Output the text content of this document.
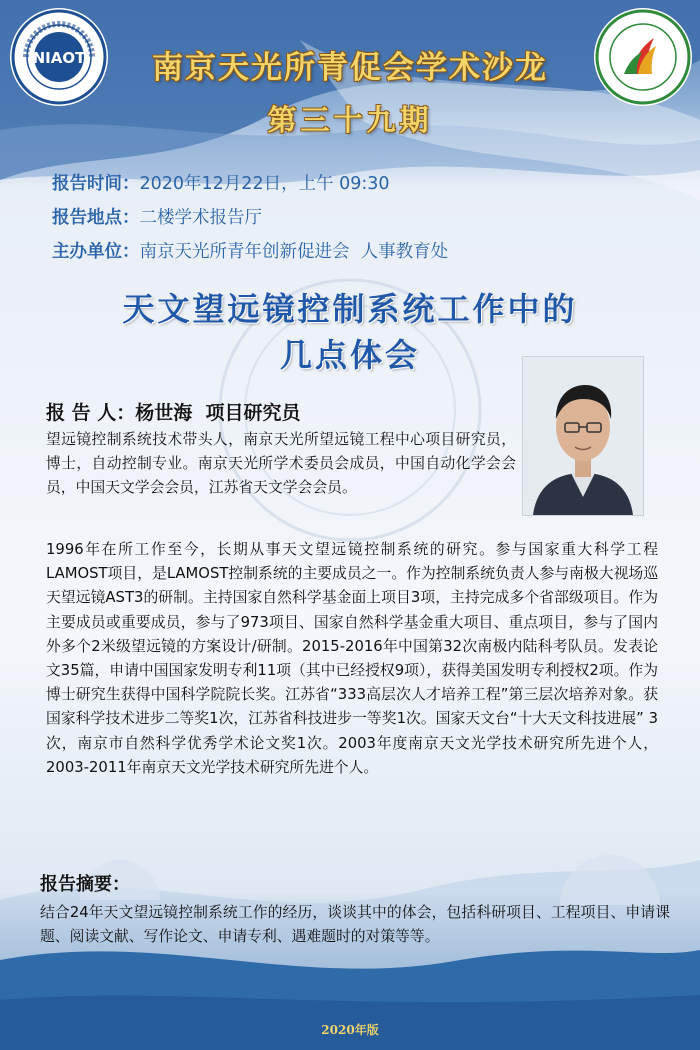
NIAOT	南京天光所青促会学术沙龙
第三十九期
报告时间：2020年12月22日，上午 09:30
报告地点：二楼学术报告厅
主办单位：南京天光所青年创新促进会  人事教育处
天文望远镜控制系统工作中的
几点体会
报 告 人：杨世海  项目研究员
望远镜控制系统技术带头人，南京天光所望远镜工程中心项目研究员，博士，自动控制专业。南京天光所学术委员会成员，中国自动化学会会员，中国天文学会会员，江苏省天文学会会员。
1996年在所工作至今，长期从事天文望远镜控制系统的研究。参与国家重大科学工程LAMOST项目，是LAMOST控制系统的主要成员之一。作为控制系统负责人参与南极大视场巡天望远镜AST3的研制。主持国家自然科学基金面上项目3项，主持完成多个省部级项目。作为主要成员或重要成员，参与了973项目、国家自然科学基金重大项目、重点项目，参与了国内外多个2米级望远镜的方案设计/研制。2015-2016年中国第32次南极内陆科考队员。发表论文35篇，申请中国国家发明专利11项（其中已经授权9项），获得美国发明专利授权2项。作为博士研究生获得中国科学院院长奖。江苏省“333高层次人才培养工程”第三层次培养对象。获国家科学技术进步二等奖1次，江苏省科技进步一等奖1次。国家天文台“十大天文科技进展” 3次，南京市自然科学优秀学术论文奖1次。2003年度南京天文光学技术研究所先进个人，2003-2011年南京天文光学技术研究所先进个人。
报告摘要：
结合24年天文望远镜控制系统工作的经历，谈谈其中的体会，包括科研项目、工程项目、申请课题、阅读文献、写作论文、申请专利、遇难题时的对策等等。
2020年版
